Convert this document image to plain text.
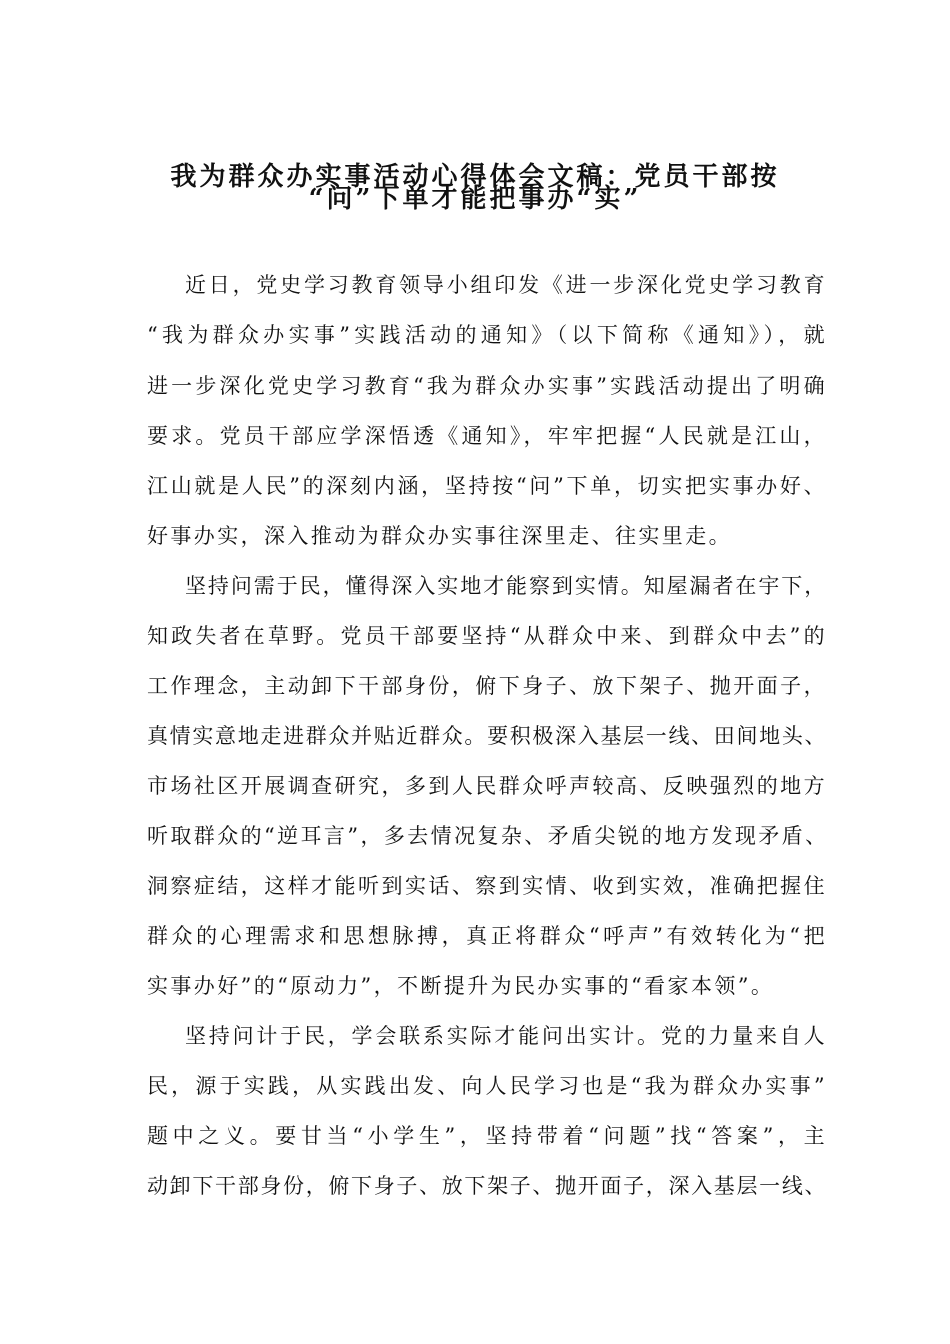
我为群众办实事活动心得体会文稿：党员干部按
“问”下单才能把事办“实”
近日，党史学习教育领导小组印发《进一步深化党史学习教育
“我为群众办实事”实践活动的通知》（以下简称《通知》），就
进一步深化党史学习教育“我为群众办实事”实践活动提出了明确
要求。党员干部应学深悟透《通知》，牢牢把握“人民就是江山，
江山就是人民”的深刻内涵，坚持按“问”下单，切实把实事办好、
好事办实，深入推动为群众办实事往深里走、往实里走。
坚持问需于民，懂得深入实地才能察到实情。知屋漏者在宇下，
知政失者在草野。党员干部要坚持“从群众中来、到群众中去”的
工作理念，主动卸下干部身份，俯下身子、放下架子、抛开面子，
真情实意地走进群众并贴近群众。要积极深入基层一线、田间地头、
市场社区开展调查研究，多到人民群众呼声较高、反映强烈的地方
听取群众的“逆耳言”，多去情况复杂、矛盾尖锐的地方发现矛盾、
洞察症结，这样才能听到实话、察到实情、收到实效，准确把握住
群众的心理需求和思想脉搏，真正将群众“呼声”有效转化为“把
实事办好”的“原动力”，不断提升为民办实事的“看家本领”。
坚持问计于民，学会联系实际才能问出实计。党的力量来自人
民，源于实践，从实践出发、向人民学习也是“我为群众办实事”
题中之义。要甘当“小学生”，坚持带着“问题”找“答案”，主
动卸下干部身份，俯下身子、放下架子、抛开面子，深入基层一线、
